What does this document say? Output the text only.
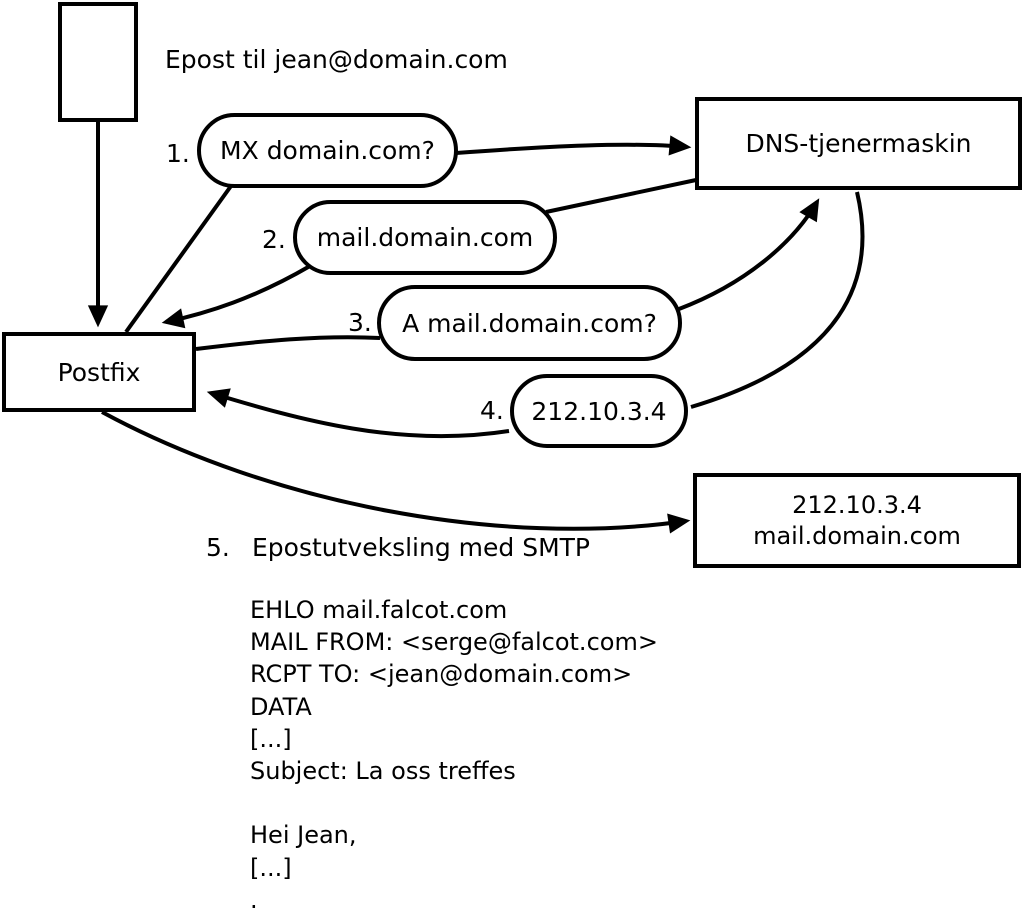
Epost til jean@domain.com
Postfix
DNS-tjenermaskin
212.10.3.4
mail.domain.com
1. MX domain.com?
2. mail.domain.com
3. A mail.domain.com?
4. 212.10.3.4
5. Epostutveksling med SMTP
EHLO mail.falcot.com
MAIL FROM: <serge@falcot.com>
RCPT TO: <jean@domain.com>
DATA
[...]
Subject: La oss treffes
Hei Jean,
[...]
.
